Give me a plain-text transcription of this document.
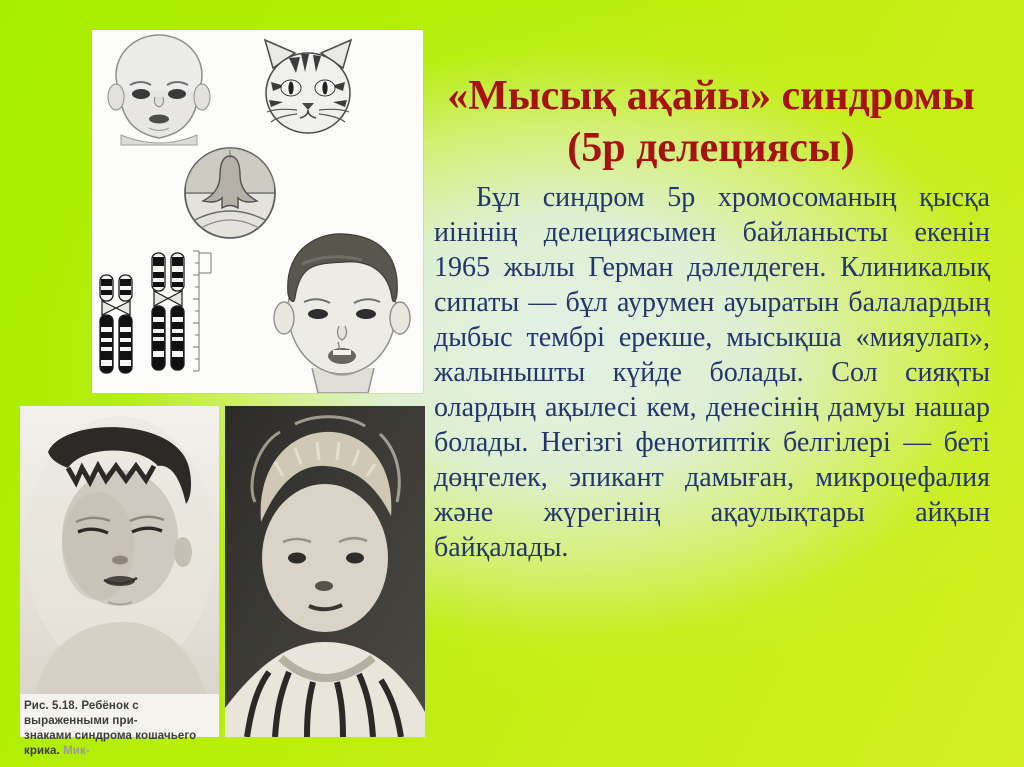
«Мысық ақайы» синдромы
(5р делециясы)
Бұл синдром 5р хромосоманың қысқа иінінің делециясымен байланысты екенін 1965 жылы Герман дәлелдеген. Клиникалық сипаты — бұл аурумен ауыратын балалардың дыбыс тембрі ерекше, мысықша «мияулап», жалынышты күйде болады. Сол сияқты олардың ақылесі кем, денесінің дамуы нашар болады. Негізгі фенотиптік белгілері — беті дөңгелек, эпикант дамыған, микроцефалия және жүрегінің ақаулықтары айқын байқалады.
Рис. 5.18. Ребёнок с выраженными при-
знаками синдрома кошачьего крика. Мик-
